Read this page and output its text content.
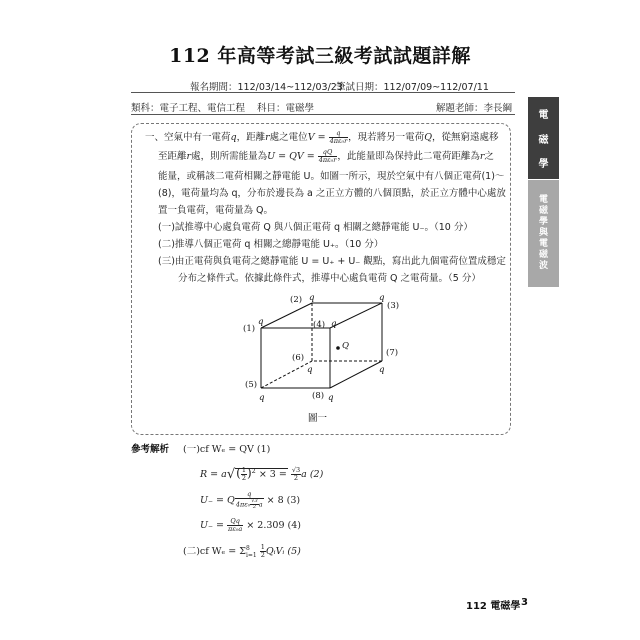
112 年高等考試三級考試試題詳解
報名期間：112/03/14~112/03/23
筆試日期：112/07/09~112/07/11
類科：電子工程、電信工程 科目：電磁學	解題老師：李長綱
電
磁
學
電
磁
學
與
電
磁
波
一、空氣中有一電荷q，距離r處之電位$V = \frac{q}{\text{4πε₀r}}$ ，現若將另一電荷Q，從無窮遠處移
至距離r處，則所需能量為U = QV = $\frac{qQ}{\text{4πε₀r}}$ ，此能量即為保持此二電荷距離為r之
能量，或稱該二電荷相關之靜電能 U。如圖一所示，現於空氣中有八個正電荷(1)～
(8)，電荷量均為 q，分布於邊長為 a 之正立方體的八個頂點，於正立方體中心處放
置一負電荷，電荷量為 Q。
(一)試推導中心處負電荷 Q 與八個正電荷 q 相關之總靜電能 U₋。（10 分）
(二)推導八個正電荷 q 相關之總靜電能 U₊。（10 分）
(三)由正電荷與負電荷之總靜電能 U = U₊ + U₋ 觀點，寫出此九個電荷位置成穩定
分布之條件式。依據此條件式，推導中心處負電荷 Q 之電荷量。（5 分）
Q
(1)
(2)
(3)
(4)
(5)
(6)	(7)
(8)
q
q	q
q
q
q	q
q
圖一
參考解析 (一)cf Wₑ = QV (1)
$R = a√( \frac{1}{2} )^2 \times 3 = \frac{√3}{2}$ a (2)
U₋ = Q $\frac{q}{4\pi\varepsilon_0 \frac{√3}{2} a} \times 8$ (3)
$U_- = \frac{Qq}{\text{πε₀a}} \times 2.309$ (4)
(二)cf Wₑ = Σ 8
i=1
$\frac{1}{2}$ QᵢVᵢ (5)
112 電磁學 3
